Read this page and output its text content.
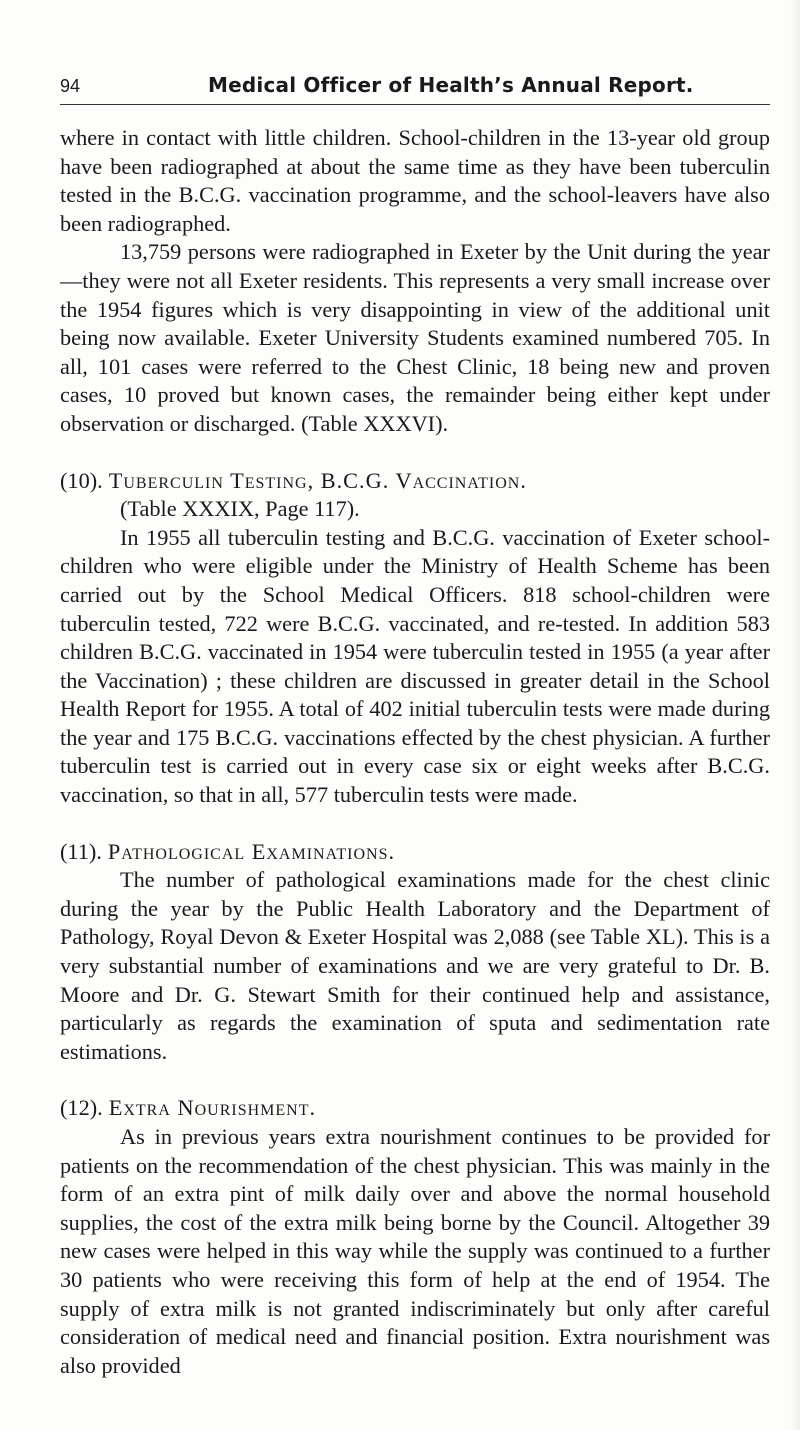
94	Medical Officer of Health’s Annual Report.

where in contact with little children. School-children in the 13-year old group have been radiographed at about the same time as they have been tuberculin tested in the B.C.G. vaccination programme, and the school-leavers have also been radiographed.

13,759 persons were radiographed in Exeter by the Unit during the year—they were not all Exeter residents. This represents a very small increase over the 1954 figures which is very disappointing in view of the additional unit being now available. Exeter University Students examined numbered 705. In all, 101 cases were referred to the Chest Clinic, 18 being new and proven cases, 10 proved but known cases, the remainder being either kept under observation or discharged. (Table XXXVI).

(10). Tuberculin Testing, B.C.G. Vaccination.

(Table XXXIX, Page 117).

In 1955 all tuberculin testing and B.C.G. vaccination of Exeter school-children who were eligible under the Ministry of Health Scheme has been carried out by the School Medical Officers. 818 school-children were tuberculin tested, 722 were B.C.G. vaccinated, and re-tested. In addition 583 children B.C.G. vaccinated in 1954 were tuberculin tested in 1955 (a year after the Vaccination) ; these children are discussed in greater detail in the School Health Report for 1955. A total of 402 initial tuberculin tests were made during the year and 175 B.C.G. vaccinations effected by the chest physician. A further tuberculin test is carried out in every case six or eight weeks after B.C.G. vaccination, so that in all, 577 tuberculin tests were made.

(11). Pathological Examinations.

The number of pathological examinations made for the chest clinic during the year by the Public Health Laboratory and the Department of Pathology, Royal Devon & Exeter Hospital was 2,088 (see Table XL). This is a very substantial number of examinations and we are very grateful to Dr. B. Moore and Dr. G. Stewart Smith for their continued help and assistance, particularly as regards the examination of sputa and sedimentation rate estimations.

(12). Extra Nourishment.

As in previous years extra nourishment continues to be provided for patients on the recommendation of the chest physician. This was mainly in the form of an extra pint of milk daily over and above the normal household supplies, the cost of the extra milk being borne by the Council. Altogether 39 new cases were helped in this way while the supply was continued to a further 30 patients who were receiving this form of help at the end of 1954. The supply of extra milk is not granted indiscriminately but only after careful consideration of medical need and financial position. Extra nourishment was also provided
